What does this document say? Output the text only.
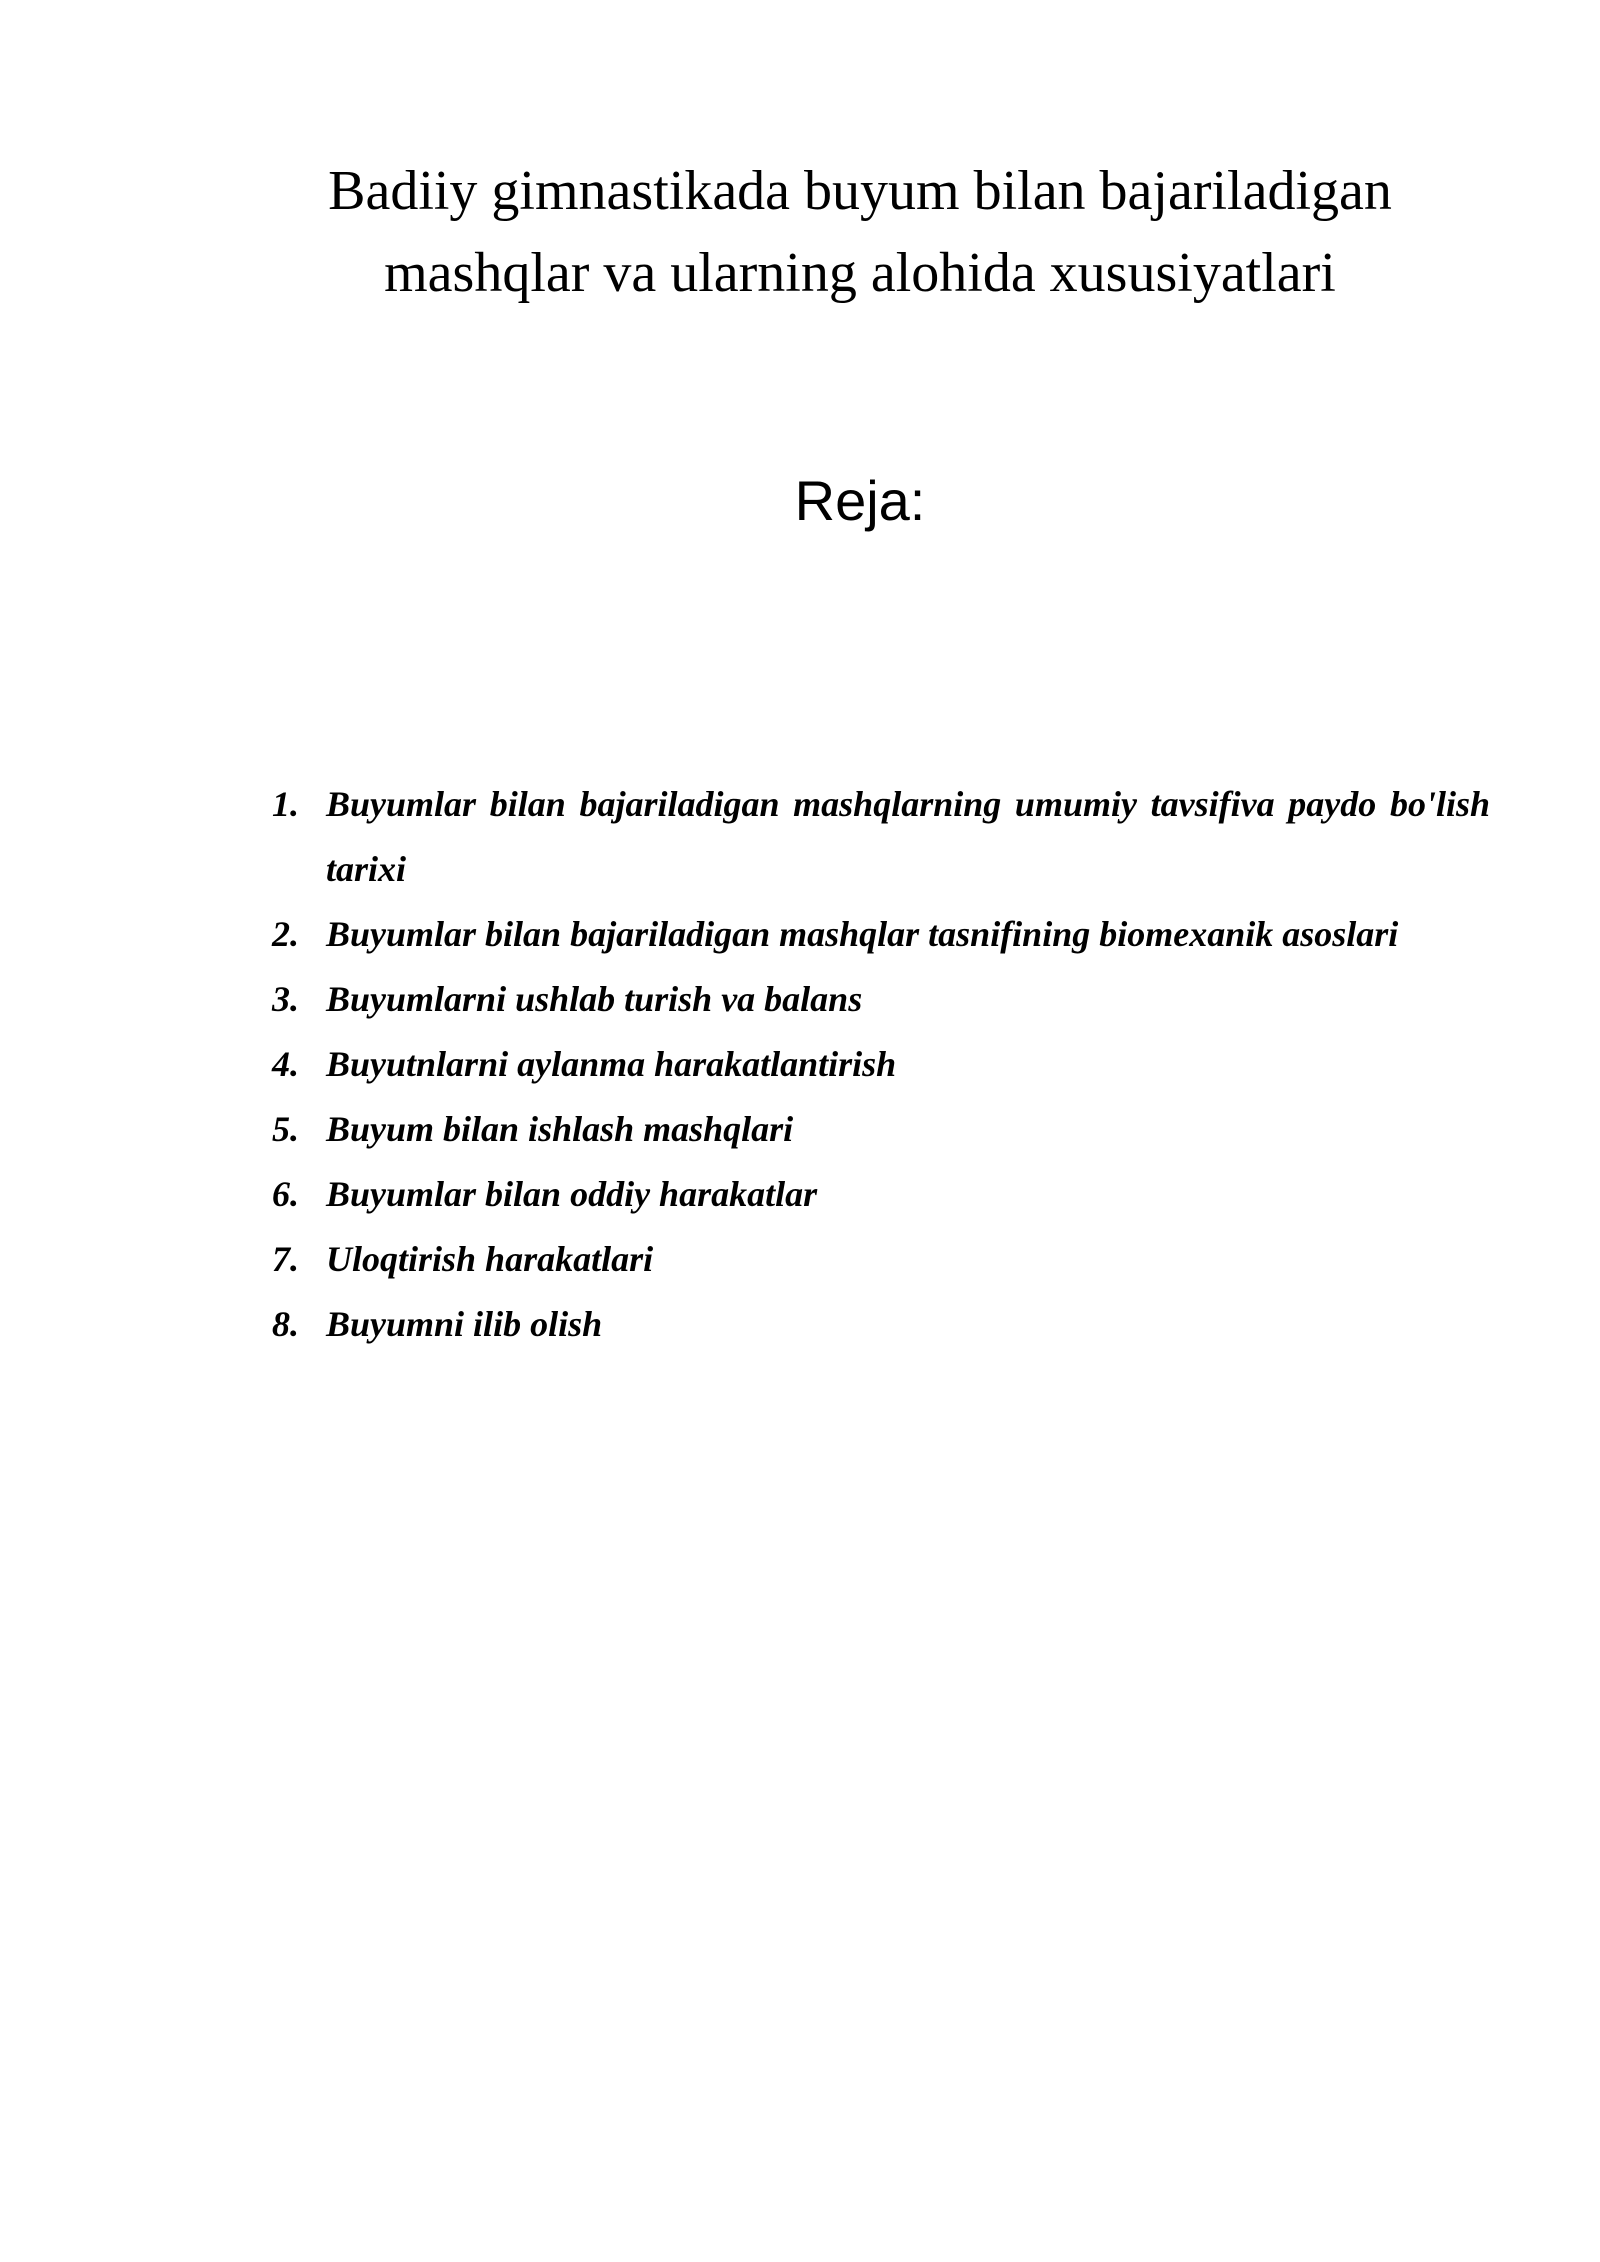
Badiiy gimnastikada buyum bilan bajariladigan
mashqlar va ularning alohida xususiyatlari
Reja:
1. Buyumlar bilan bajariladigan mashqlarning umumiy tavsifiva paydo bo'lish tarixi
2. Buyumlar bilan bajariladigan mashqlar tasnifining biomexanik asoslari
3. Buyumlarni ushlab turish va balans
4. Buyutnlarni aylanma harakatlantirish
5. Buyum bilan ishlash mashqlari
6. Buyumlar bilan oddiy harakatlar
7. Uloqtirish harakatlari
8. Buyumni ilib olish
